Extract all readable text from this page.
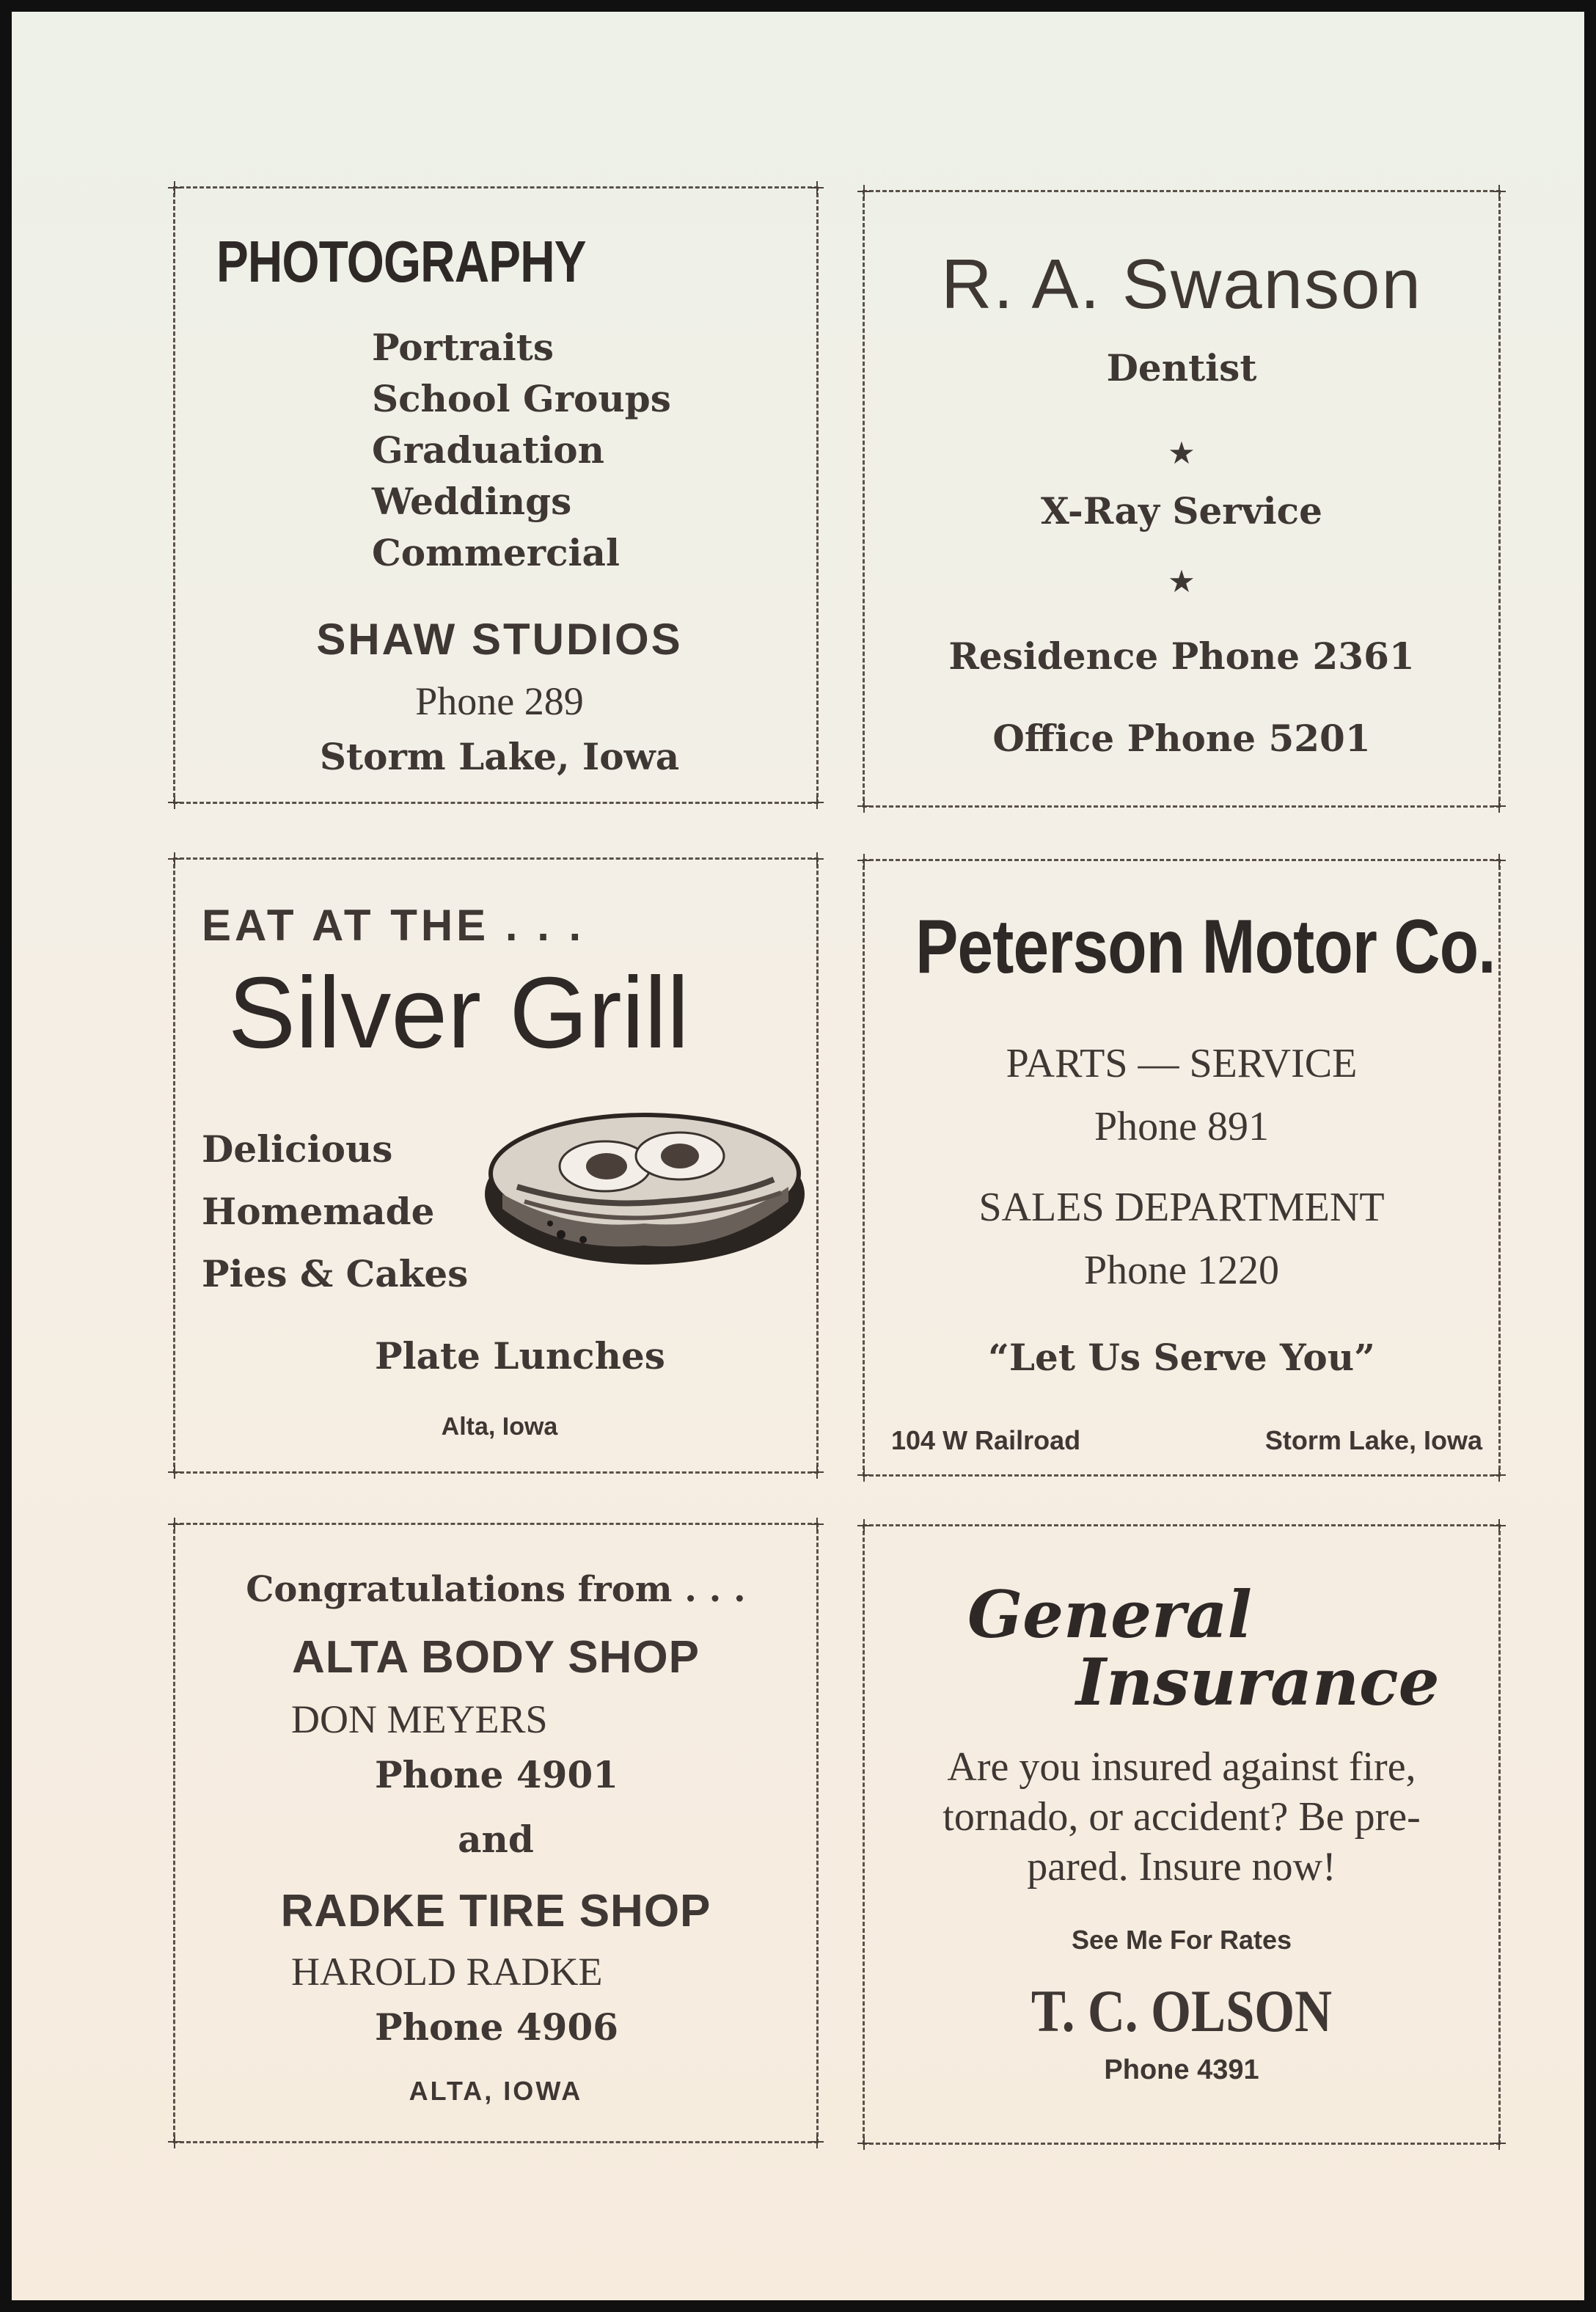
PHOTOGRAPHY
Portraits
School Groups
Graduation
Weddings
Commercial
SHAW STUDIOS
Phone 289
Storm Lake, Iowa
R. A. Swanson
Dentist
★
X-Ray Service
★
Residence Phone 2361
Office Phone 5201
EAT AT THE . . .
Silver Grill
Delicious
Homemade
Pies & Cakes
Plate Lunches
Alta, Iowa
Peterson Motor Co.
PARTS — SERVICE
Phone 891
SALES DEPARTMENT
Phone 1220
“Let Us Serve You”
104 W Railroad	Storm Lake, Iowa
Congratulations from . . .
ALTA BODY SHOP
DON MEYERS
Phone 4901
and
RADKE TIRE SHOP
HAROLD RADKE
Phone 4906
ALTA, IOWA
General
Insurance
Are you insured against fire,
tornado, or accident? Be pre-
pared. Insure now!
See Me For Rates
T. C. OLSON
Phone 4391
